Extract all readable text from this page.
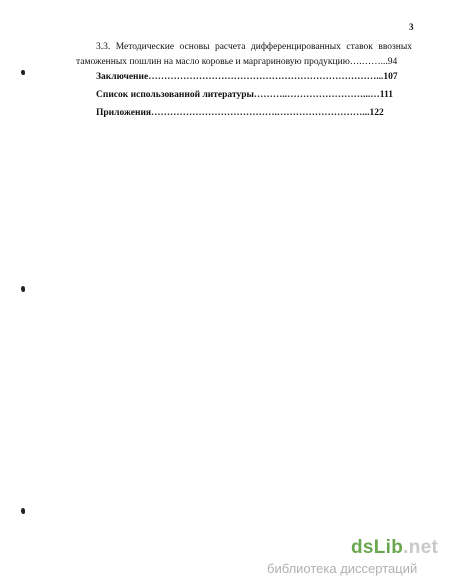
3
3.3. Методические основы расчета дифференцированных ставок ввозных
таможенных пошлин на масло коровье и маргариновую продукцию….……...94
Заключение………………………………………………………………...107
Список использованной литературы………..……………………...…111
Приложения………………………………….………………………...122
dsLib.net
библиотека диссертаций
